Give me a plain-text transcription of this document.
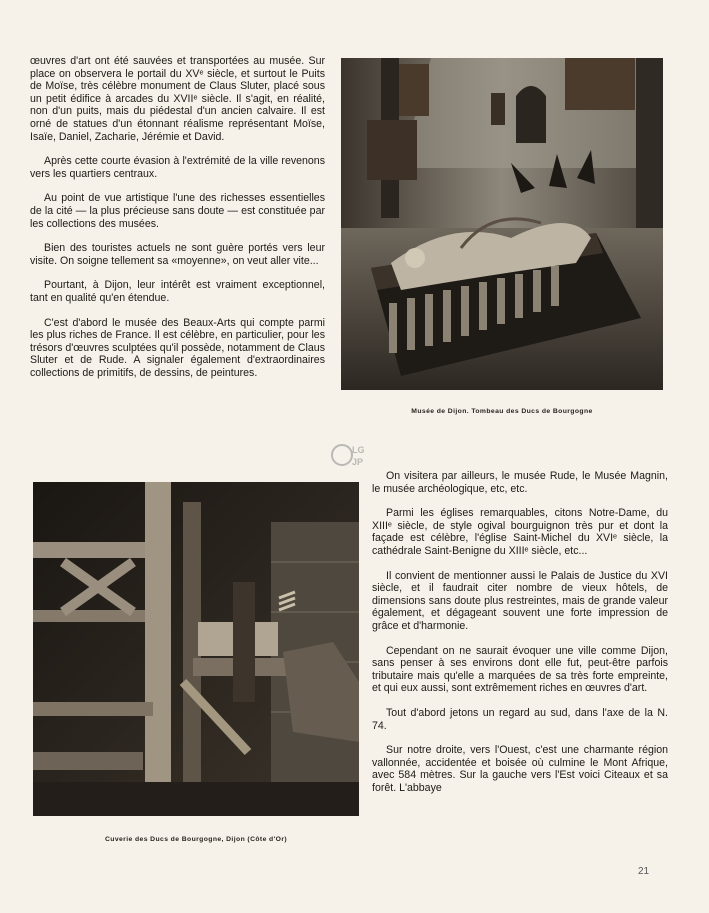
œuvres d'art ont été sauvées et transportées au musée. Sur place on observera le portail du XVᵉ siècle, et surtout le Puits de Moïse, très célèbre monument de Claus Sluter, placé sous un petit édifice à arcades du XVIIᵉ siècle. Il s'agit, en réalité, non d'un puits, mais du piédestal d'un ancien calvaire. Il est orné de statues d'un étonnant réalisme représentant Moïse, Isaïe, Daniel, Zacharie, Jérémie et David.

Après cette courte évasion à l'extrémité de la ville revenons vers les quartiers centraux.

Au point de vue artistique l'une des richesses essentielles de la cité — la plus précieuse sans doute — est constituée par les collections des musées.

Bien des touristes actuels ne sont guère portés vers leur visite. On soigne tellement sa «moyenne», on veut aller vite...

Pourtant, à Dijon, leur intérêt est vraiment exceptionnel, tant en qualité qu'en étendue.

C'est d'abord le musée des Beaux-Arts qui compte parmi les plus riches de France. Il est célèbre, en particulier, pour les trésors d'œuvres sculptées qu'il possède, notamment de Claus Sluter et de Rude. A signaler également d'extraordinaires collections de primitifs, de dessins, de peintures.

Musée de Dijon. Tombeau des Ducs de Bourgogne
LG
JP
Cuverie des Ducs de Bourgogne, Dijon (Côte d'Or)

On visitera par ailleurs, le musée Rude, le Musée Magnin, le musée archéologique, etc, etc.

Parmi les églises remarquables, citons Notre-Dame, du XIIIᵉ siècle, de style ogival bourguignon très pur et dont la façade est célèbre, l'église Saint-Michel du XVIᵉ siècle, la cathédrale Saint-Benigne du XIIIᵉ siècle, etc...

Il convient de mentionner aussi le Palais de Justice du XVI siècle, et il faudrait citer nombre de vieux hôtels, de dimensions sans doute plus restreintes, mais de grande valeur également, et dégageant souvent une forte impression de grâce et d'harmonie.

Cependant on ne saurait évoquer une ville comme Dijon, sans penser à ses environs dont elle fut, peut-être parfois tributaire mais qu'elle a marquées de sa très forte empreinte, et qui eux aussi, sont extrêmement riches en œuvres d'art.

Tout d'abord jetons un regard au sud, dans l'axe de la N. 74.

Sur notre droite, vers l'Ouest, c'est une charmante région vallonnée, accidentée et boisée où culmine le Mont Afrique, avec 584 mètres. Sur la gauche vers l'Est voici Citeaux et sa forêt. L'abbaye

21
